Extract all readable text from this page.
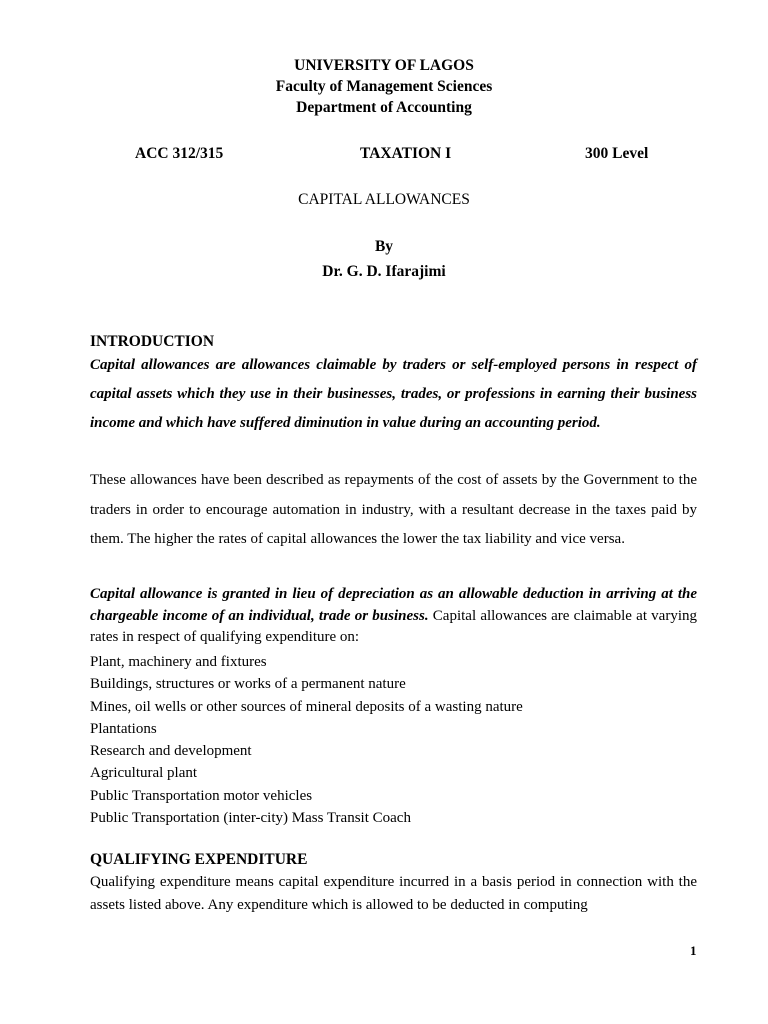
UNIVERSITY OF LAGOS
Faculty of Management Sciences
Department of Accounting
ACC 312/315	TAXATION I	300 Level
CAPITAL ALLOWANCES
By
Dr. G. D. Ifarajimi
INTRODUCTION

Capital allowances are allowances claimable by traders or self-employed persons in respect of capital assets which they use in their businesses, trades, or professions in earning their business income and which have suffered diminution in value during an accounting period.

These allowances have been described as repayments of the cost of assets by the Government to the traders in order to encourage automation in industry, with a resultant decrease in the taxes paid by them. The higher the rates of capital allowances the lower the tax liability and vice versa.

Capital allowance is granted in lieu of depreciation as an allowable deduction in arriving at the chargeable income of an individual, trade or business. Capital allowances are claimable at varying rates in respect of qualifying expenditure on:

Plant, machinery and fixtures
Buildings, structures or works of a permanent nature
Mines, oil wells or other sources of mineral deposits of a wasting nature
Plantations
Research and development
Agricultural plant
Public Transportation motor vehicles
Public Transportation (inter-city) Mass Transit Coach
QUALIFYING EXPENDITURE

Qualifying expenditure means capital expenditure incurred in a basis period in connection with the assets listed above. Any expenditure which is allowed to be deducted in computing

1
